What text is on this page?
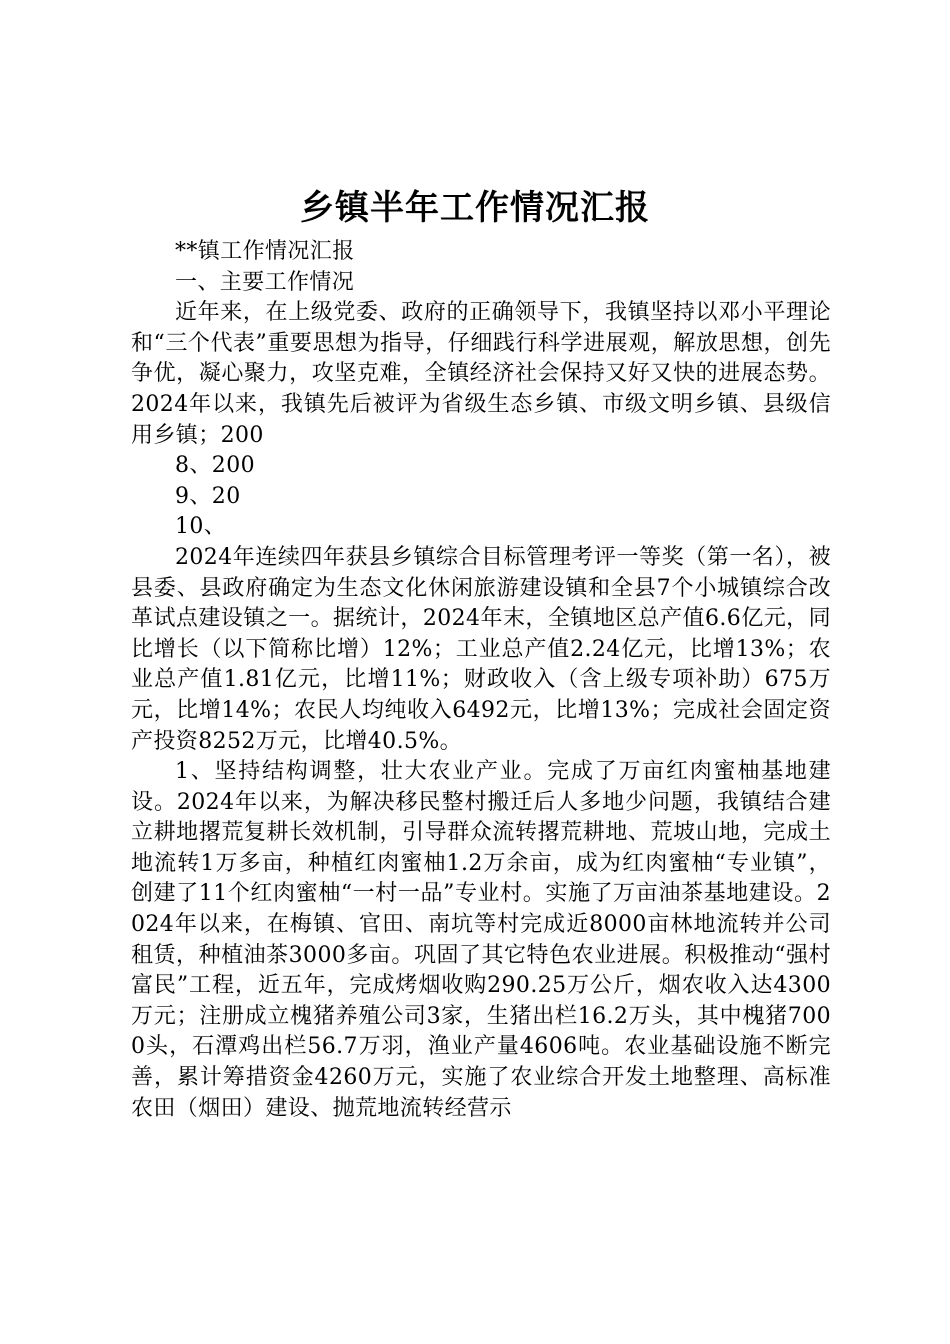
乡镇半年工作情况汇报

**镇工作情况汇报

一、主要工作情况

近年来，在上级党委、政府的正确领导下，我镇坚持以邓小平理论和“三个代表”重要思想为指导，仔细践行科学进展观，解放思想，创先争优，凝心聚力，攻坚克难，全镇经济社会保持又好又快的进展态势。2024年以来，我镇先后被评为省级生态乡镇、市级文明乡镇、县级信用乡镇；200

8、200

9、20

10、

2024年连续四年获县乡镇综合目标管理考评一等奖（第一名），被县委、县政府确定为生态文化休闲旅游建设镇和全县7个小城镇综合改革试点建设镇之一。据统计，2024年末，全镇地区总产值6.6亿元，同比增长（以下简称比增）12%；工业总产值2.24亿元，比增13%；农业总产值1.81亿元，比增11%；财政收入（含上级专项补助）675万元，比增14%；农民人均纯收入6492元，比增13%；完成社会固定资产投资8252万元，比增40.5%。

1、坚持结构调整，壮大农业产业。完成了万亩红肉蜜柚基地建设。2024年以来，为解决移民整村搬迁后人多地少问题，我镇结合建立耕地撂荒复耕长效机制，引导群众流转撂荒耕地、荒坡山地，完成土地流转1万多亩，种植红肉蜜柚1.2万余亩，成为红肉蜜柚“专业镇”，创建了11个红肉蜜柚“一村一品”专业村。实施了万亩油茶基地建设。2024年以来，在梅镇、官田、南坑等村完成近8000亩林地流转并公司租赁，种植油茶3000多亩。巩固了其它特色农业进展。积极推动“强村富民”工程，近五年，完成烤烟收购290.25万公斤，烟农收入达4300万元；注册成立槐猪养殖公司3家，生猪出栏16.2万头，其中槐猪7000头，石潭鸡出栏56.7万羽，渔业产量4606吨。农业基础设施不断完善，累计筹措资金4260万元，实施了农业综合开发土地整理、高标准农田（烟田）建设、抛荒地流转经营示
